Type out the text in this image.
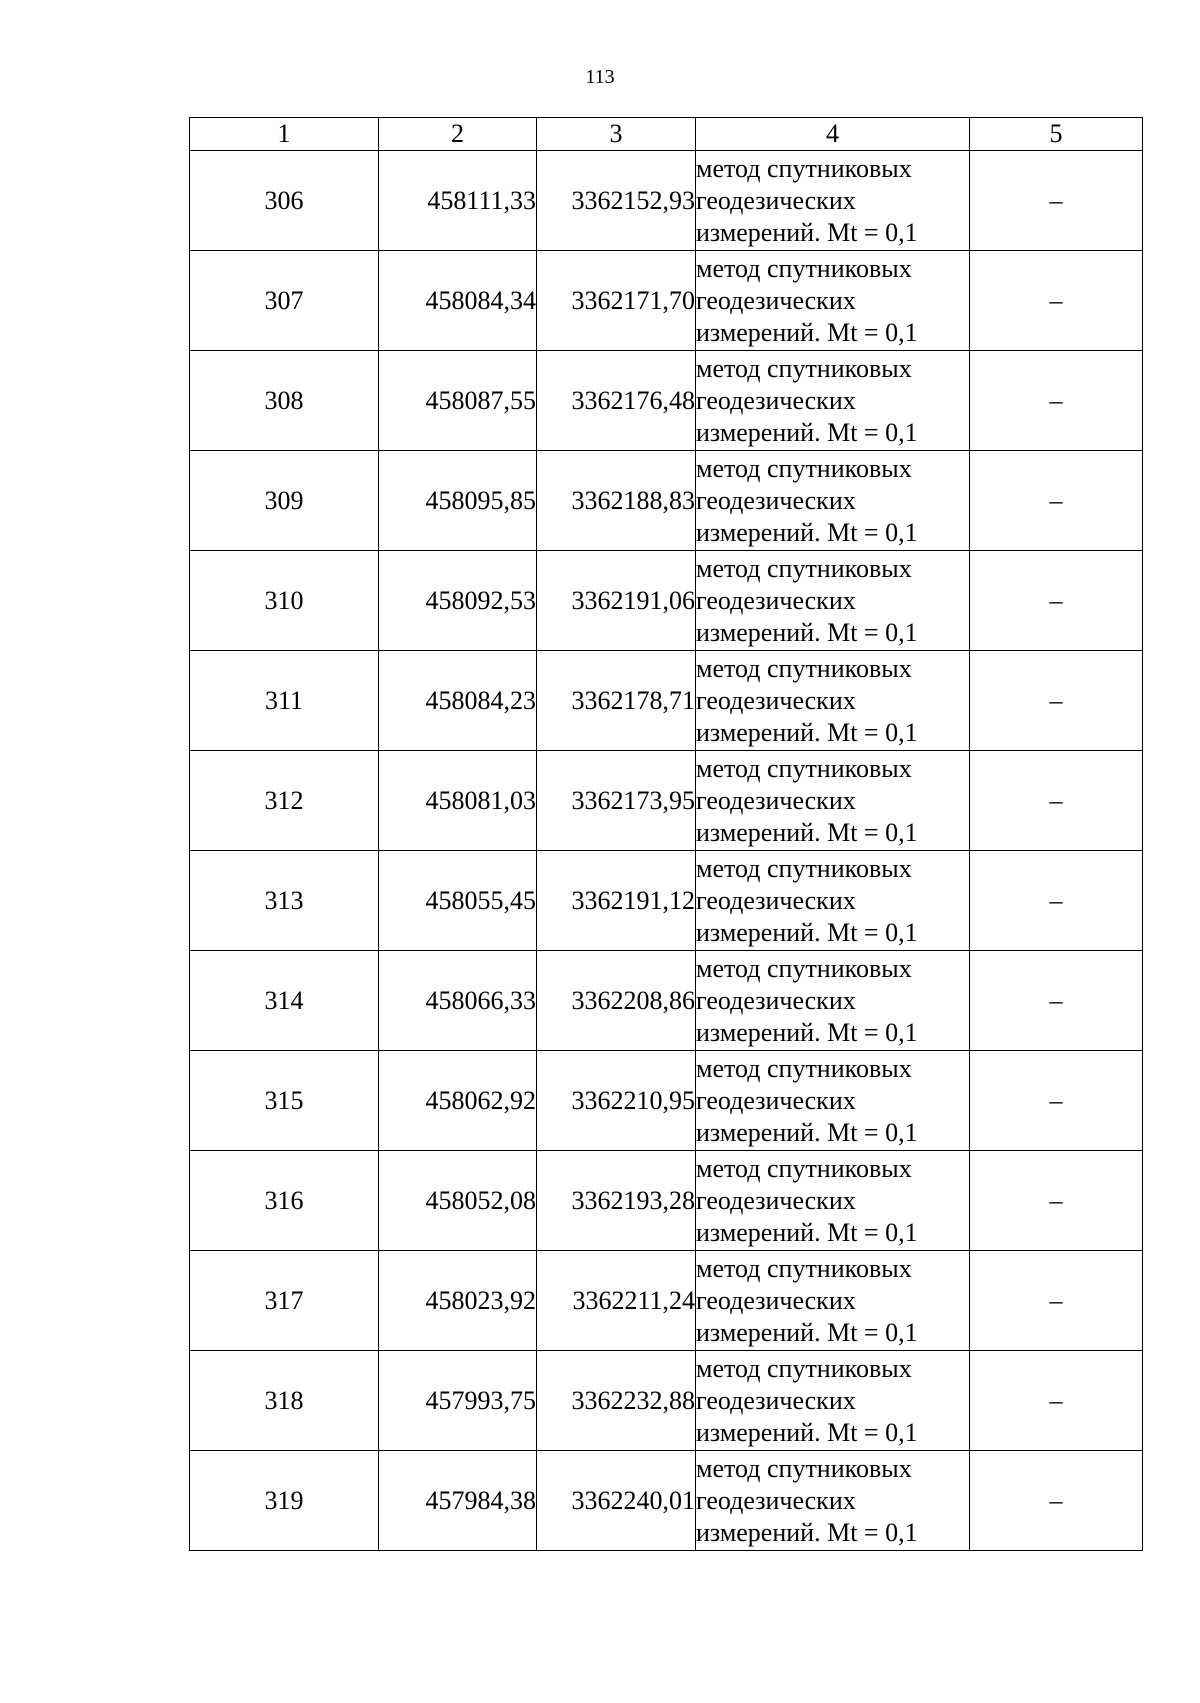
113
1	2	3	4	5
306	458111,33	3362152,93	метод спутниковых
геодезических
измерений. Mt = 0,1	–
307	458084,34	3362171,70	метод спутниковых
геодезических
измерений. Mt = 0,1	–
308	458087,55	3362176,48	метод спутниковых
геодезических
измерений. Mt = 0,1	–
309	458095,85	3362188,83	метод спутниковых
геодезических
измерений. Mt = 0,1	–
310	458092,53	3362191,06	метод спутниковых
геодезических
измерений. Mt = 0,1	–
311	458084,23	3362178,71	метод спутниковых
геодезических
измерений. Mt = 0,1	–
312	458081,03	3362173,95	метод спутниковых
геодезических
измерений. Mt = 0,1	–
313	458055,45	3362191,12	метод спутниковых
геодезических
измерений. Mt = 0,1	–
314	458066,33	3362208,86	метод спутниковых
геодезических
измерений. Mt = 0,1	–
315	458062,92	3362210,95	метод спутниковых
геодезических
измерений. Mt = 0,1	–
316	458052,08	3362193,28	метод спутниковых
геодезических
измерений. Mt = 0,1	–
317	458023,92	3362211,24	метод спутниковых
геодезических
измерений. Mt = 0,1	–
318	457993,75	3362232,88	метод спутниковых
геодезических
измерений. Mt = 0,1	–
319	457984,38	3362240,01	метод спутниковых
геодезических
измерений. Mt = 0,1	–
